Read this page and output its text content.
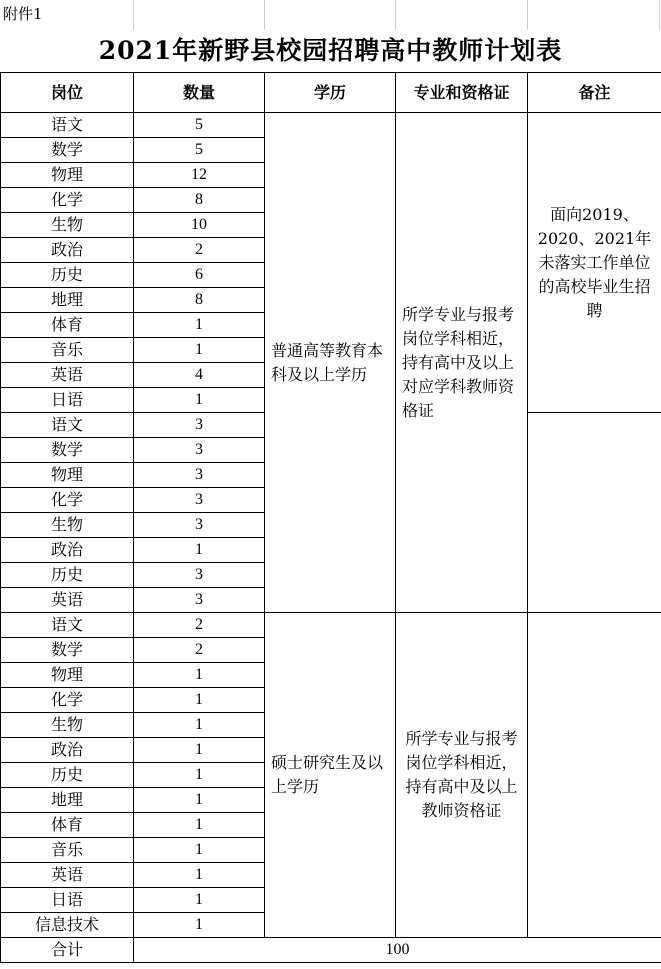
附件1
2021年新野县校园招聘高中教师计划表
岗位	数量	学历	专业和资格证	备注
语文	5	普通高等教育本科及以上学历	所学专业与报考岗位学科相近，持有高中及以上对应学科教师资格证	面向2019、2020、2021年未落实工作单位的高校毕业生招聘
数学	5			
物理	12			
化学	8			
生物	10			
政治	2			
历史	6			
地理	8			
体育	1			
音乐	1			
英语	4			
日语	1			
语文	3			
数学	3			
物理	3			
化学	3			
生物	3			
政治	1			
历史	3			
英语	3			
语文	2	硕士研究生及以上学历	所学专业与报考岗位学科相近，持有高中及以上教师资格证	
数学	2			
物理	1			
化学	1			
生物	1			
政治	1			
历史	1			
地理	1			
体育	1			
音乐	1			
英语	1			
日语	1			
信息技术	1			
合计	100			
